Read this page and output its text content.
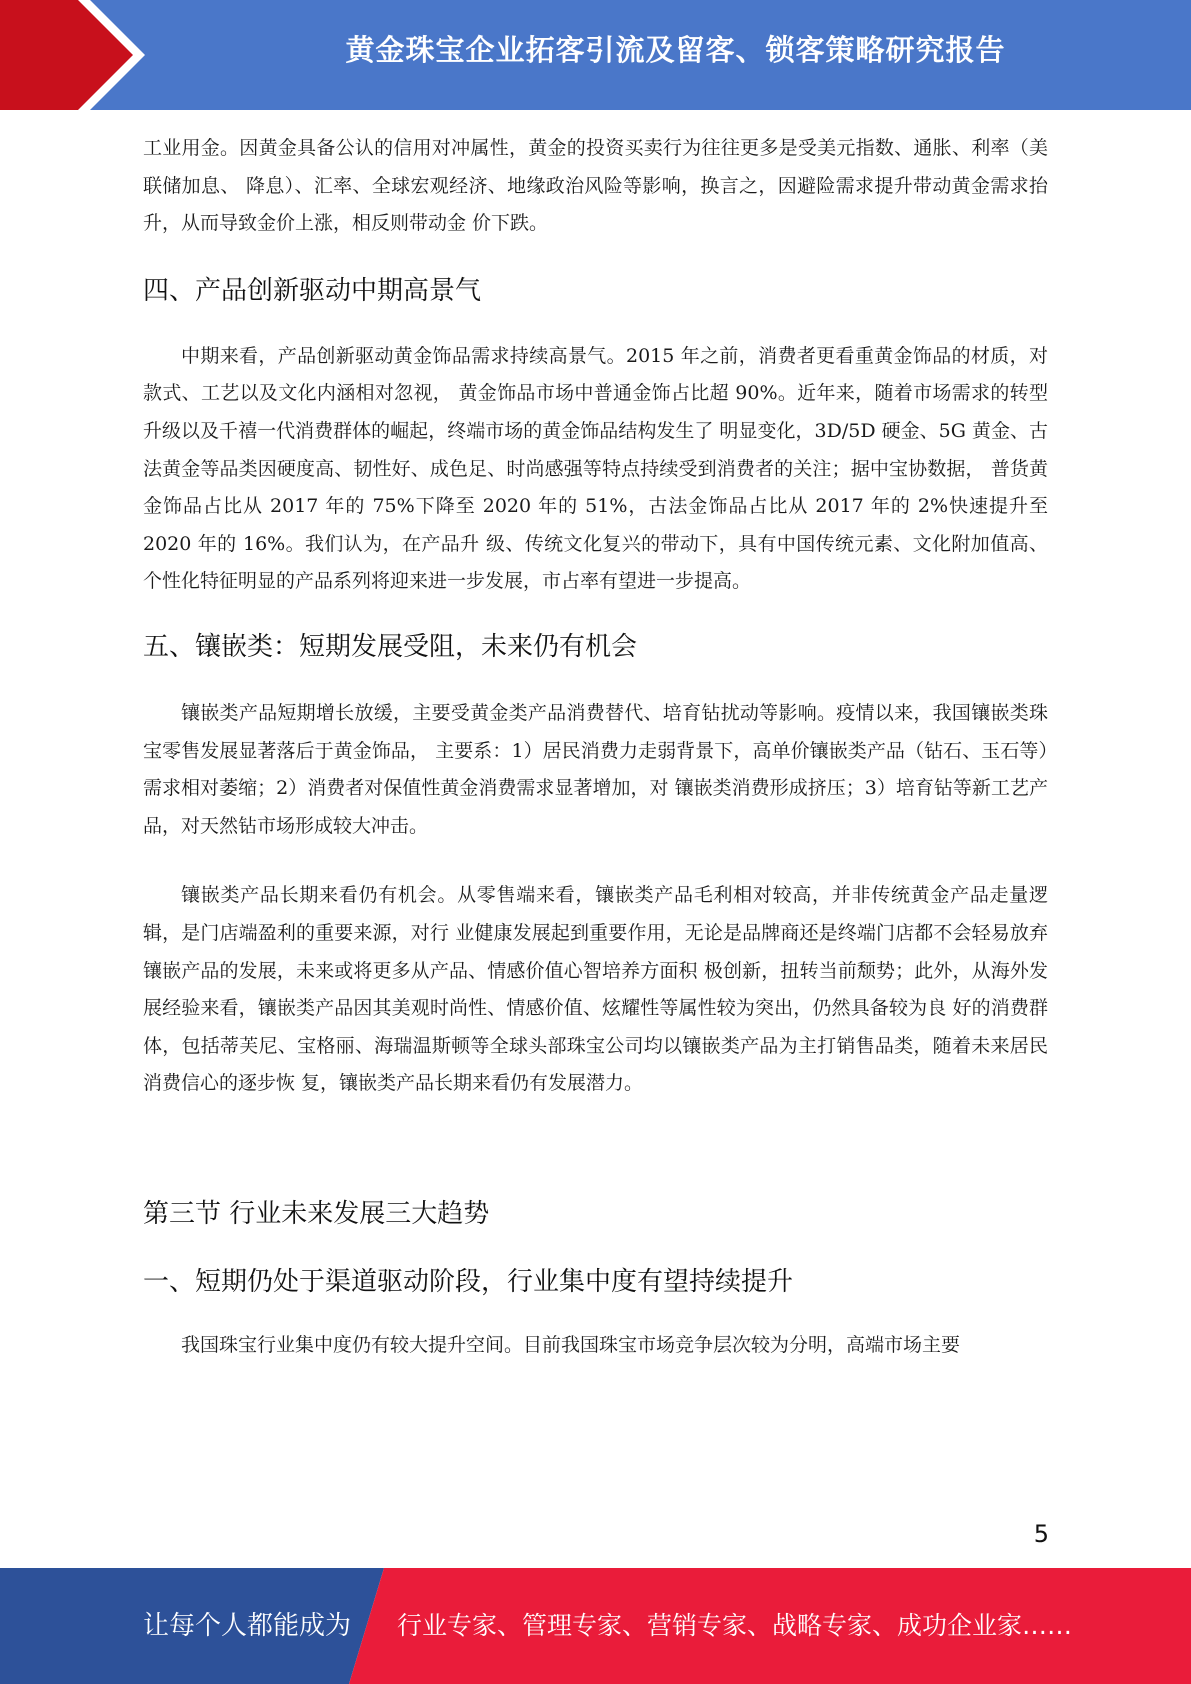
黄金珠宝企业拓客引流及留客、锁客策略研究报告

工业用金。因黄金具备公认的信用对冲属性，黄金的投资买卖行为往往更多是受美元指数、通胀、利率（美联储加息、 降息）、汇率、全球宏观经济、地缘政治风险等影响，换言之，因避险需求提升带动黄金需求抬升，从而导致金价上涨，相反则带动金 价下跌。

四、产品创新驱动中期高景气

中期来看，产品创新驱动黄金饰品需求持续高景气。2015 年之前，消费者更看重黄金饰品的材质，对款式、工艺以及文化内涵相对忽视， 黄金饰品市场中普通金饰占比超 90%。近年来，随着市场需求的转型升级以及千禧一代消费群体的崛起，终端市场的黄金饰品结构发生了 明显变化，3D/5D 硬金、5G 黄金、古法黄金等品类因硬度高、韧性好、成色足、时尚感强等特点持续受到消费者的关注；据中宝协数据， 普货黄金饰品占比从 2017 年的 75%下降至 2020 年的 51%，古法金饰品占比从 2017 年的 2%快速提升至 2020 年的 16%。我们认为，在产品升 级、传统文化复兴的带动下，具有中国传统元素、文化附加值高、个性化特征明显的产品系列将迎来进一步发展，市占率有望进一步提高。

五、镶嵌类：短期发展受阻，未来仍有机会

镶嵌类产品短期增长放缓，主要受黄金类产品消费替代、培育钻扰动等影响。疫情以来，我国镶嵌类珠宝零售发展显著落后于黄金饰品， 主要系：1）居民消费力走弱背景下，高单价镶嵌类产品（钻石、玉石等）需求相对萎缩；2）消费者对保值性黄金消费需求显著增加，对 镶嵌类消费形成挤压；3）培育钻等新工艺产品，对天然钻市场形成较大冲击。

镶嵌类产品长期来看仍有机会。从零售端来看，镶嵌类产品毛利相对较高，并非传统黄金产品走量逻辑，是门店端盈利的重要来源，对行 业健康发展起到重要作用，无论是品牌商还是终端门店都不会轻易放弃镶嵌产品的发展，未来或将更多从产品、情感价值心智培养方面积 极创新，扭转当前颓势；此外，从海外发展经验来看，镶嵌类产品因其美观时尚性、情感价值、炫耀性等属性较为突出，仍然具备较为良 好的消费群体，包括蒂芙尼、宝格丽、海瑞温斯顿等全球头部珠宝公司均以镶嵌类产品为主打销售品类，随着未来居民消费信心的逐步恢 复，镶嵌类产品长期来看仍有发展潜力。

第三节 行业未来发展三大趋势
一、短期仍处于渠道驱动阶段，行业集中度有望持续提升

我国珠宝行业集中度仍有较大提升空间。目前我国珠宝市场竞争层次较为分明，高端市场主要

5
让每个人都能成为 行业专家、管理专家、营销专家、战略专家、成功企业家……
